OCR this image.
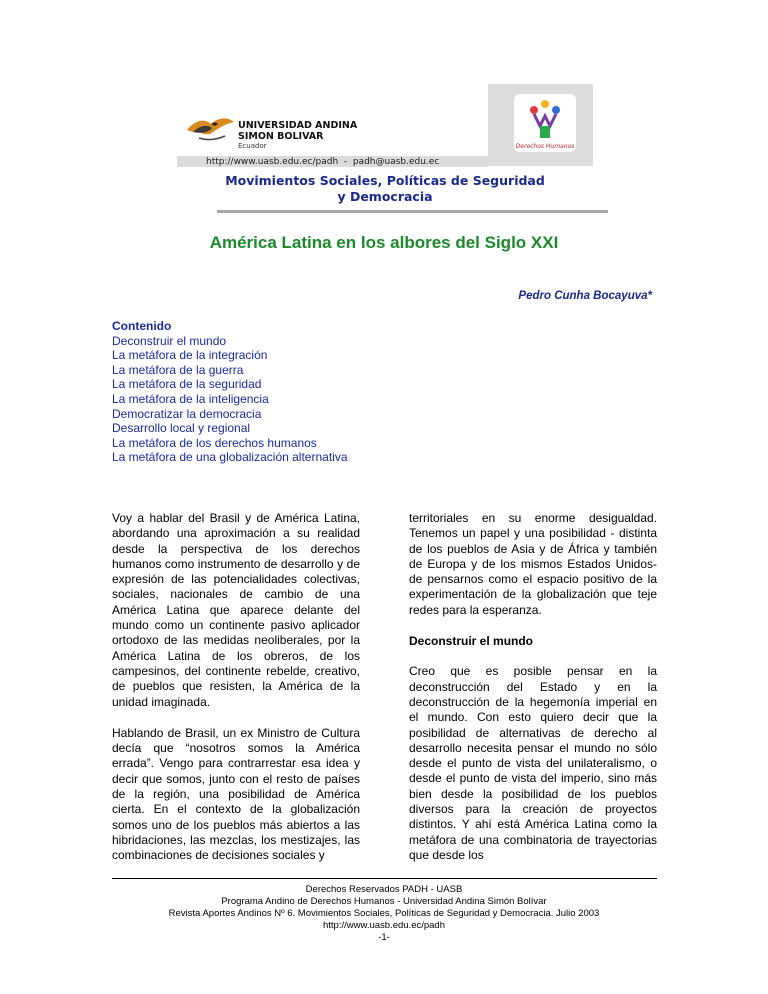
UNIVERSIDAD ANDINA
SIMON BOLIVAR
Ecuador
http://www.uasb.edu.ec/padh  -  padh@uasb.edu.ec
Derechos Humanos
Movimientos Sociales, Políticas de Seguridad
y Democracia
América Latina en los albores del Siglo XXI
Pedro Cunha Bocayuva*
Contenido
Deconstruir el mundo
La metáfora de la integración
La metáfora de la guerra
La metáfora de la seguridad
La metáfora de la inteligencia
Democratizar la democracia
Desarrollo local y regional
La metáfora de los derechos humanos
La metáfora de una globalización alternativa

Voy a hablar del Brasil y de América Latina, abordando una aproximación a su realidad desde la perspectiva de los derechos humanos como instrumento de desarrollo y de expresión de las potencialidades colectivas, sociales, nacionales de cambio de una América Latina que aparece delante del mundo como un continente pasivo aplicador ortodoxo de las medidas neoliberales, por la América Latina de los obreros, de los campesinos, del continente rebelde, creativo, de pueblos que resisten, la América de la unidad imaginada.

Hablando de Brasil, un ex Ministro de Cultura decía que “nosotros somos la América errada”. Vengo para contrarrestar esa idea y decir que somos, junto con el resto de países de la región, una posibilidad de América cierta. En el contexto de la globalización somos uno de los pueblos más abiertos a las hibridaciones, las mezclas, los mestizajes, las combinaciones de decisiones sociales y

territoriales en su enorme desigualdad. Tenemos un papel y una posibilidad - distinta de los pueblos de Asia y de África y también de Europa y de los mismos Estados Unidos- de pensarnos como el espacio positivo de la experimentación de la globalización que teje redes para la esperanza.

Deconstruir el mundo

Creo que es posible pensar en la deconstrucción del Estado y en la deconstrucción de la hegemonía imperial en el mundo. Con esto quiero decir que la posibilidad de alternativas de derecho al desarrollo necesita pensar el mundo no sólo desde el punto de vista del unilateralismo, o desde el punto de vista del imperio, sino más bien desde la posibilidad de los pueblos diversos para la creación de proyectos distintos. Y ahí está América Latina como la metáfora de una combinatoria de trayectorias que desde los

Derechos Reservados PADH - UASB
Programa Andino de Derechos Humanos - Universidad Andina Simón Bolívar
Revista Aportes Andinos Nº 6. Movimientos Sociales, Políticas de Seguridad y Democracia. Julio 2003
http://www.uasb.edu.ec/padh
-1-
